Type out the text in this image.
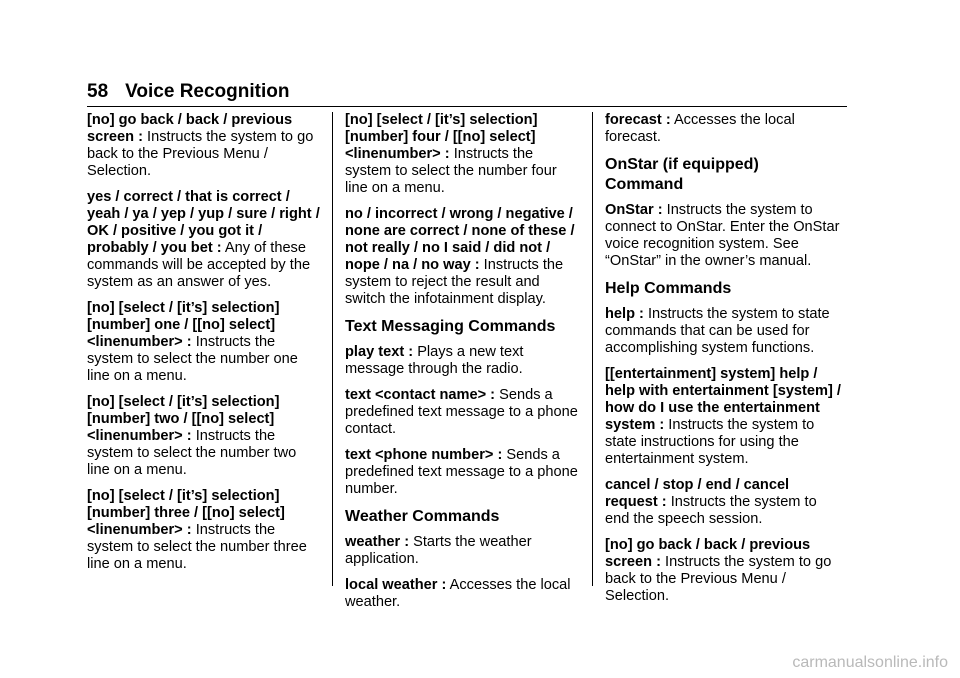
58 Voice Recognition
[no] go back / back / previous screen : Instructs the system to go back to the Previous Menu / Selection.
yes / correct / that is correct / yeah / ya / yep / yup / sure / right / OK / positive / you got it / probably / you bet : Any of these commands will be accepted by the system as an answer of yes.
[no] [select / [it’s] selection] [number] one / [[no] select] <linenumber> : Instructs the system to select the number one line on a menu.
[no] [select / [it’s] selection] [number] two / [[no] select] <linenumber> : Instructs the system to select the number two line on a menu.
[no] [select / [it’s] selection] [number] three / [[no] select] <linenumber> : Instructs the system to select the number three line on a menu.
[no] [select / [it’s] selection] [number] four / [[no] select] <linenumber> : Instructs the system to select the number four line on a menu.
no / incorrect / wrong / negative / none are correct / none of these / not really / no I said / did not / nope / na / no way : Instructs the system to reject the result and switch the infotainment display.
Text Messaging Commands
play text : Plays a new text message through the radio.
text <contact name> : Sends a predefined text message to a phone contact.
text <phone number> : Sends a predefined text message to a phone number.
Weather Commands
weather : Starts the weather application.
local weather : Accesses the local weather.
forecast : Accesses the local forecast.
OnStar (if equipped) Command
OnStar : Instructs the system to connect to OnStar. Enter the OnStar voice recognition system. See “OnStar” in the owner’s manual.
Help Commands
help : Instructs the system to state commands that can be used for accomplishing system functions.
[[entertainment] system] help / help with entertainment [system] / how do I use the entertainment system : Instructs the system to state instructions for using the entertainment system.
cancel / stop / end / cancel request : Instructs the system to end the speech session.
[no] go back / back / previous screen : Instructs the system to go back to the Previous Menu / Selection.
carmanualsonline.info
